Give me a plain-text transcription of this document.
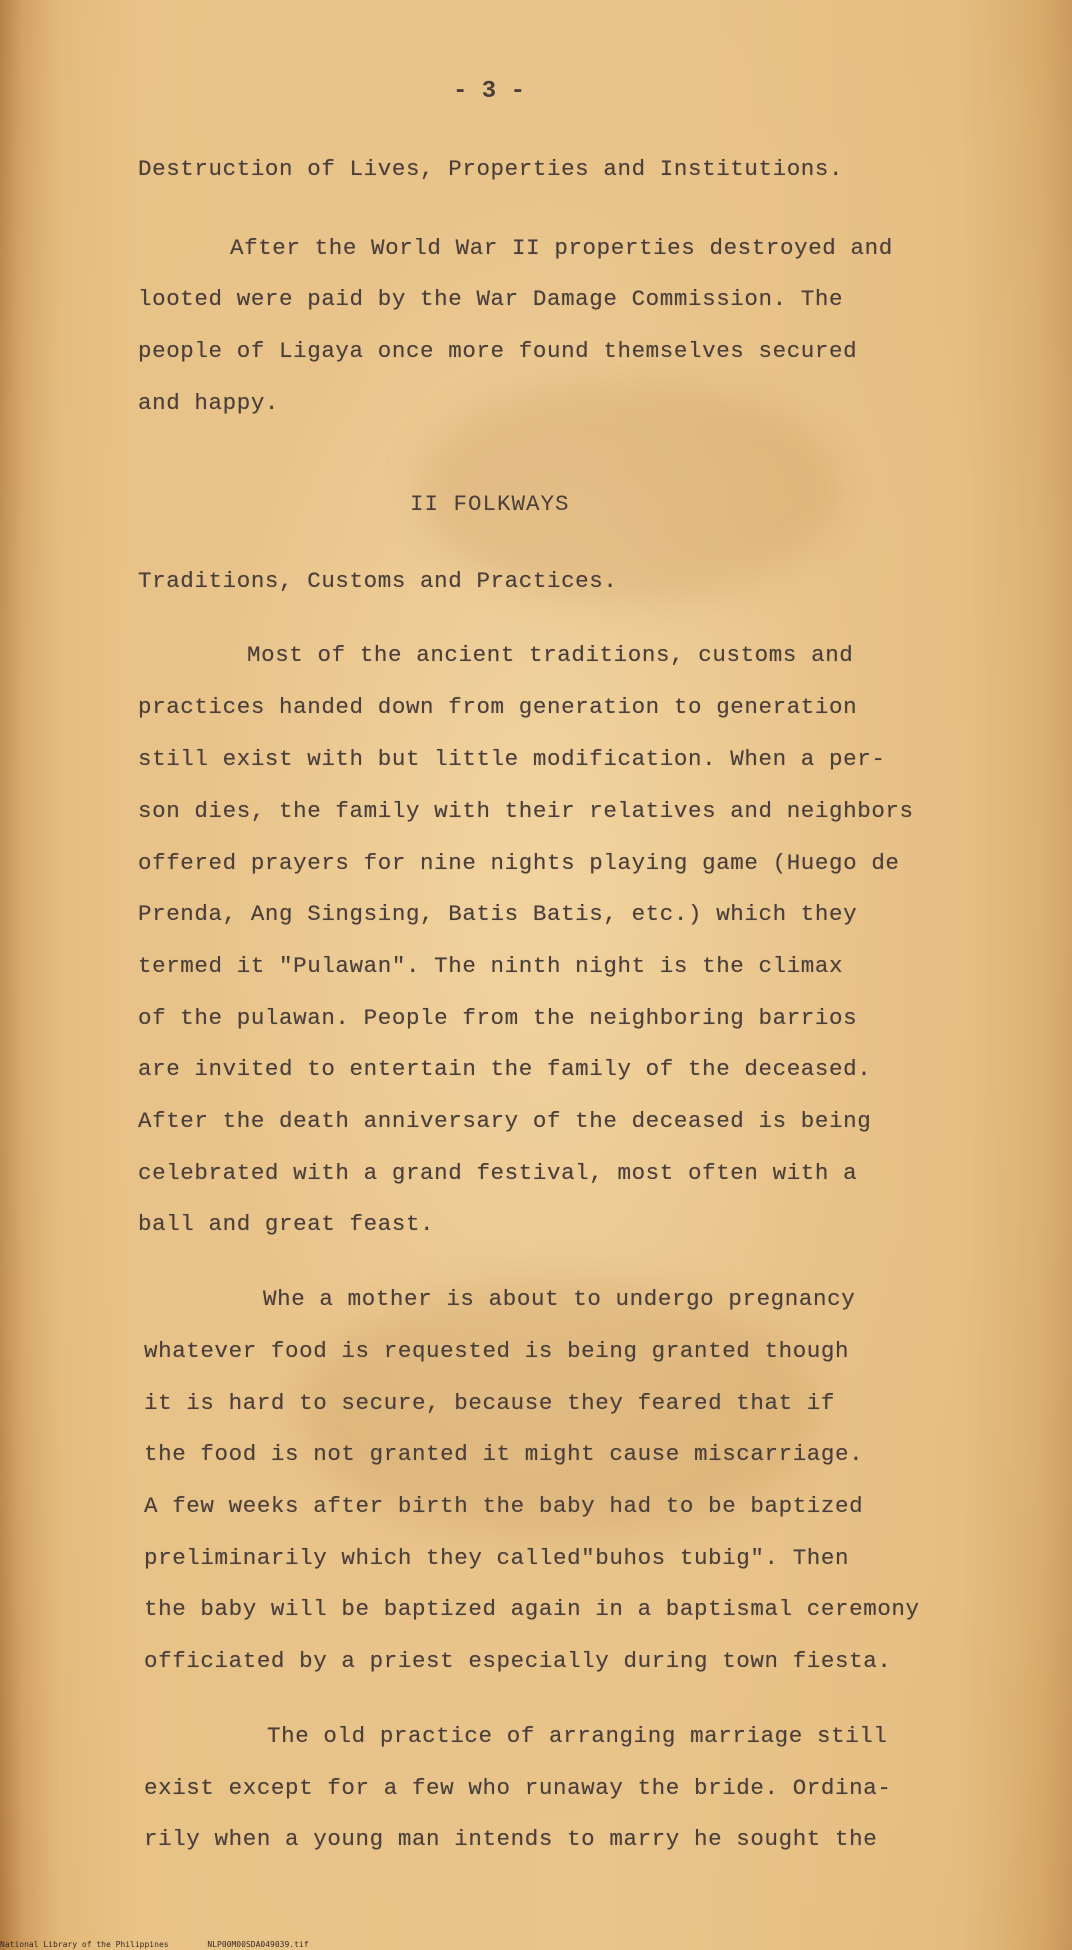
- 3 -
Destruction of Lives, Properties and Institutions.
After the World War II properties destroyed and
looted were paid by the War Damage Commission. The
people of Ligaya once more found themselves secured
and happy.
II FOLKWAYS
Traditions, Customs and Practices.
Most of the ancient traditions, customs and
practices handed down from generation to generation
still exist with but little modification. When a per-
son dies, the family with their relatives and neighbors
offered prayers for nine nights playing game (Huego de
Prenda, Ang Singsing, Batis Batis, etc.) which they
termed it "Pulawan". The ninth night is the climax
of the pulawan. People from the neighboring barrios
are invited to entertain the family of the deceased.
After the death anniversary of the deceased is being
celebrated with a grand festival, most often with a
ball and great feast.
Whe a mother is about to undergo pregnancy
whatever food is requested is being granted though
it is hard to secure, because they feared that if
the food is not granted it might cause miscarriage.
A few weeks after birth the baby had to be baptized
preliminarily which they called"buhos tubig". Then
the baby will be baptized again in a baptismal ceremony
officiated by a priest especially during town fiesta.
The old practice of arranging marriage still
exist except for a few who runaway the bride. Ordina-
rily when a young man intends to marry he sought the
National Library of the Philippines	NLP00M00SDA049039.tif
